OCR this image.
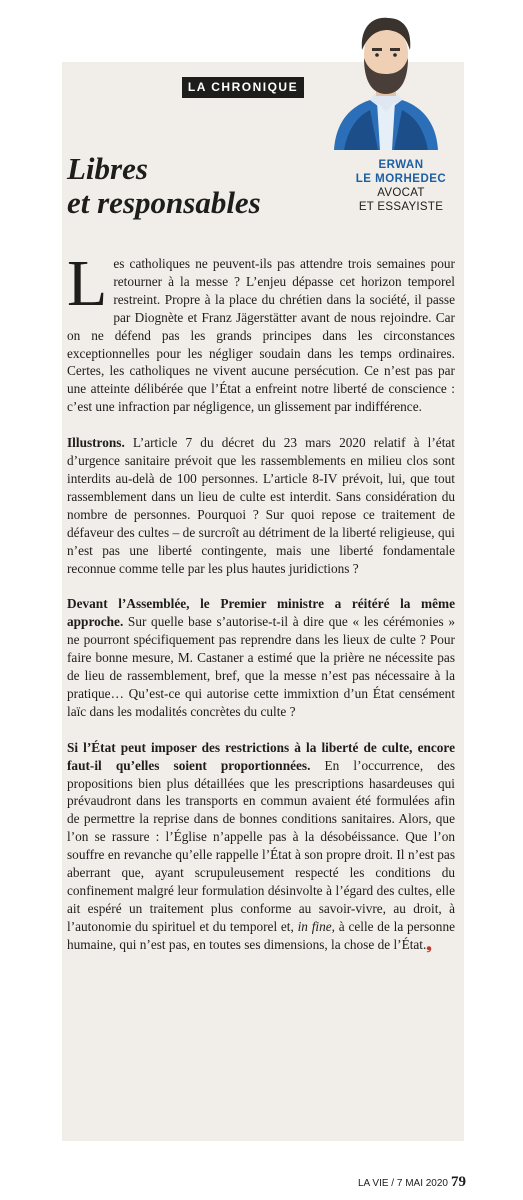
LA CHRONIQUE
ERWAN
LE MORHEDEC
AVOCAT
ET ESSAYISTE
Libres
et responsables

Les catholiques ne peuvent-ils pas attendre trois semaines pour retourner à la messe ? L’enjeu dépasse cet horizon temporel restreint. Propre à la place du chrétien dans la société, il passe par Diognète et Franz Jägerstätter avant de nous rejoindre. Car on ne défend pas les grands principes dans les circonstances exceptionnelles pour les négliger soudain dans les temps ordinaires. Certes, les catholiques ne vivent aucune persécution. Ce n’est pas par une atteinte délibérée que l’État a enfreint notre liberté de conscience : c’est une infraction par négligence, un glissement par indifférence.

Illustrons. L’article 7 du décret du 23 mars 2020 relatif à l’état d’urgence sanitaire prévoit que les rassemblements en milieu clos sont interdits au-delà de 100 personnes. L’article 8-IV prévoit, lui, que tout rassemblement dans un lieu de culte est interdit. Sans considération du nombre de personnes. Pourquoi ? Sur quoi repose ce traitement de défaveur des cultes – de surcroît au détriment de la liberté religieuse, qui n’est pas une liberté contingente, mais une liberté fondamentale reconnue comme telle par les plus hautes juridictions ?

Devant l’Assemblée, le Premier ministre a réitéré la même approche. Sur quelle base s’autorise-t-il à dire que « les cérémonies » ne pourront spécifiquement pas reprendre dans les lieux de culte ? Pour faire bonne mesure, M. Castaner a estimé que la prière ne nécessite pas de lieu de rassemblement, bref, que la messe n’est pas nécessaire à la pratique… Qu’est-ce qui autorise cette immixtion d’un État censément laïc dans les modalités concrètes du culte ?

Si l’État peut imposer des restrictions à la liberté de culte, encore faut-il qu’elles soient proportionnées. En l’occurrence, des propositions bien plus détaillées que les prescriptions hasardeuses qui prévaudront dans les transports en commun avaient été formulées afin de permettre la reprise dans de bonnes conditions sanitaires. Alors, que l’on se rassure : l’Église n’appelle pas à la désobéissance. Que l’on souffre en revanche qu’elle rappelle l’État à son propre droit. Il n’est pas aberrant que, ayant scrupuleusement respecté les conditions du confinement malgré leur formulation désinvolte à l’égard des cultes, elle ait espéré un traitement plus conforme au savoir-vivre, au droit, à l’autonomie du spirituel et du temporel et, in fine, à celle de la personne humaine, qui n’est pas, en toutes ses dimensions, la chose de l’État.❟

LA VIE / 7 MAI 2020 79
